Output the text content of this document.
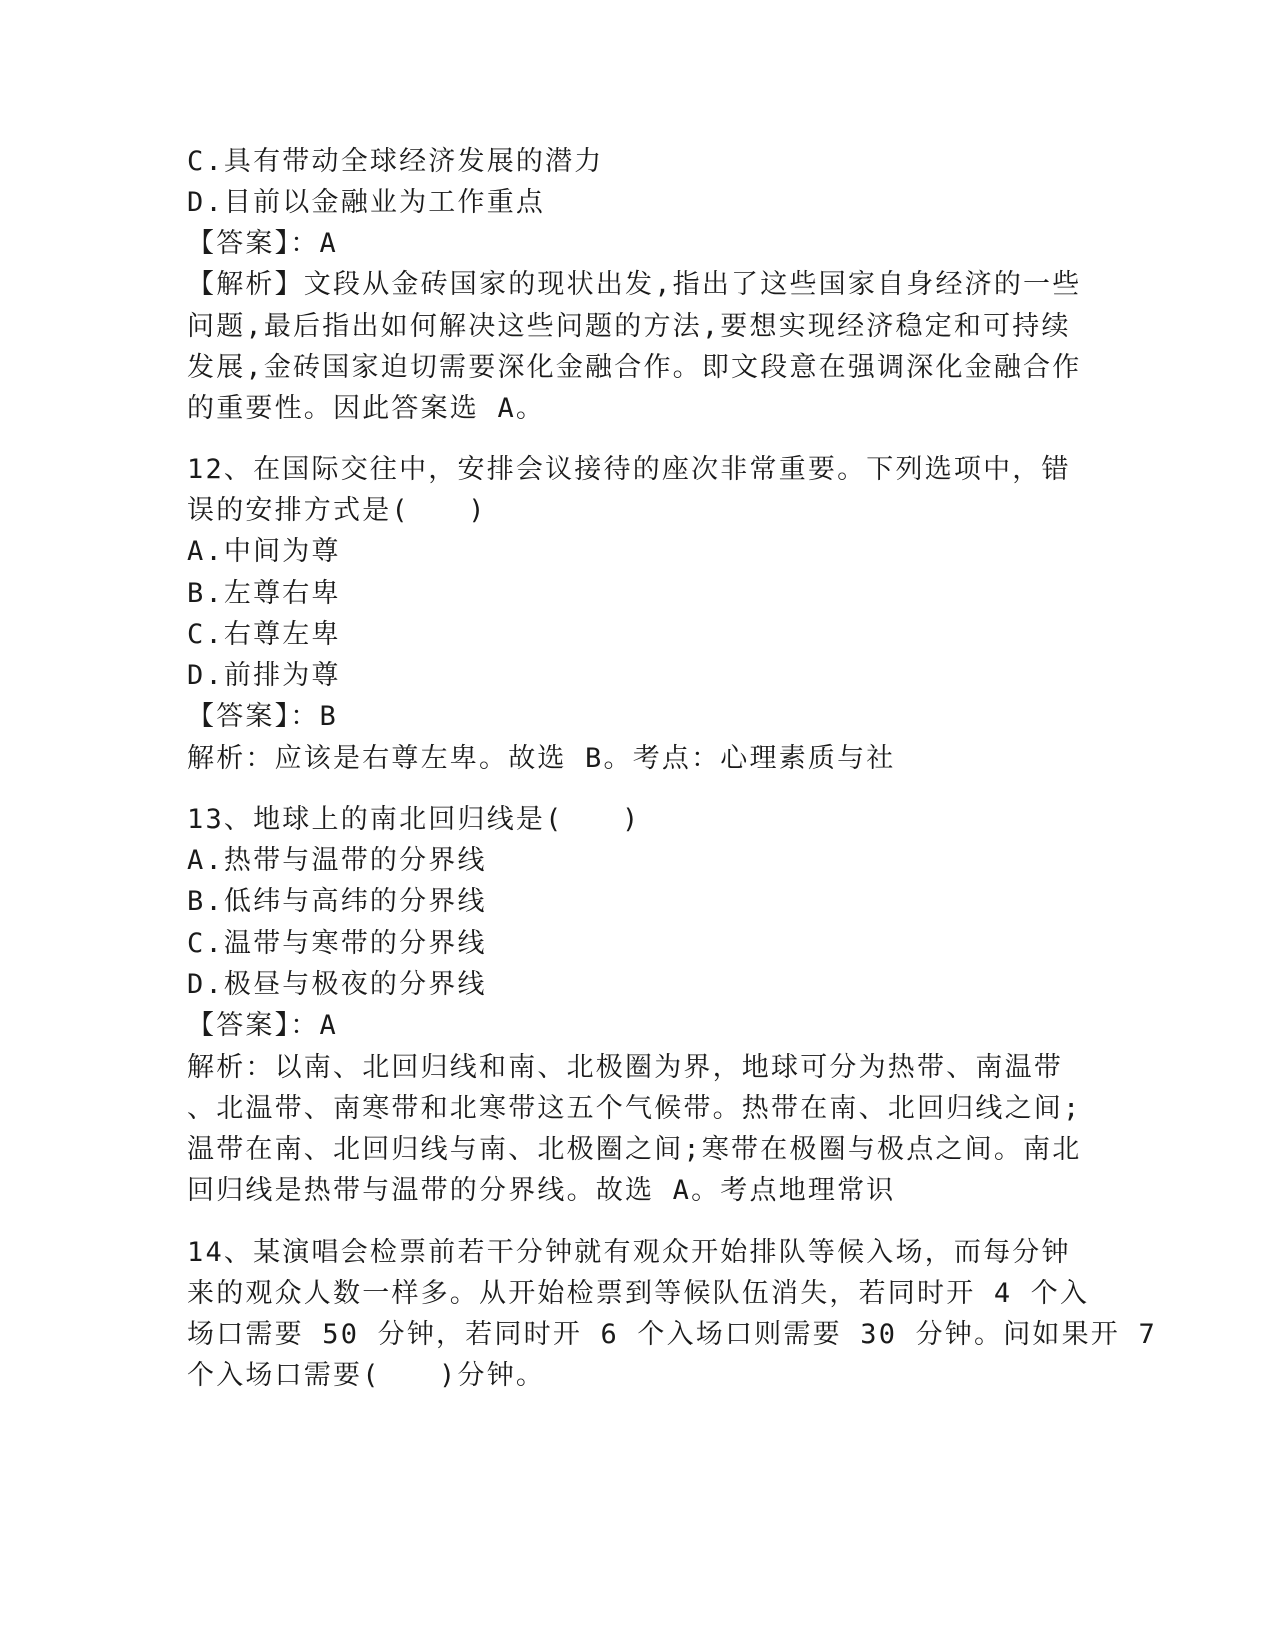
C.具有带动全球经济发展的潜力
D.目前以金融业为工作重点
【答案】：A
【解析】文段从金砖国家的现状出发,指出了这些国家自身经济的一些
问题,最后指出如何解决这些问题的方法,要想实现经济稳定和可持续
发展,金砖国家迫切需要深化金融合作。即文段意在强调深化金融合作
的重要性。因此答案选 A。
12、在国际交往中，安排会议接待的座次非常重要。下列选项中，错
误的安排方式是(　　)
A.中间为尊
B.左尊右卑
C.右尊左卑
D.前排为尊
【答案】：B
解析：应该是右尊左卑。故选 B。考点：心理素质与社
13、地球上的南北回归线是(　　)
A.热带与温带的分界线
B.低纬与高纬的分界线
C.温带与寒带的分界线
D.极昼与极夜的分界线
【答案】：A
解析：以南、北回归线和南、北极圈为界，地球可分为热带、南温带
、北温带、南寒带和北寒带这五个气候带。热带在南、北回归线之间;
温带在南、北回归线与南、北极圈之间;寒带在极圈与极点之间。南北
回归线是热带与温带的分界线。故选 A。考点地理常识
14、某演唱会检票前若干分钟就有观众开始排队等候入场，而每分钟
来的观众人数一样多。从开始检票到等候队伍消失，若同时开 4 个入
场口需要 50 分钟，若同时开 6 个入场口则需要 30 分钟。问如果开 7
个入场口需要(　　)分钟。
